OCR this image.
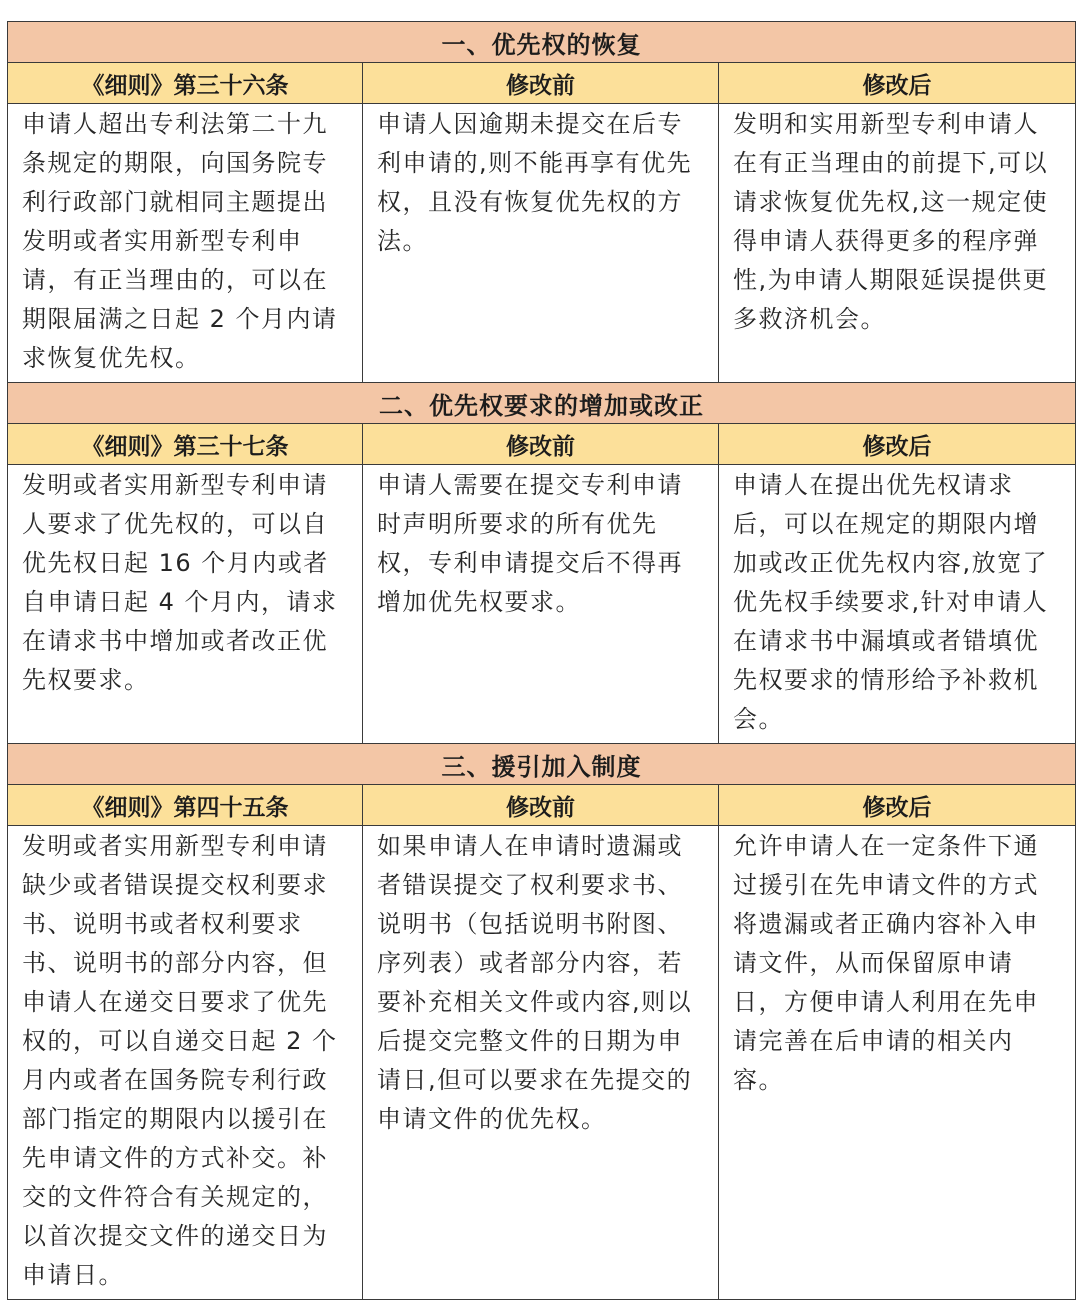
一、优先权的恢复		
《细则》第三十六条	修改前	修改后
申请人超出专利法第二十九条规定的期限，向国务院专利行政部门就相同主题提出发明或者实用新型专利申请，有正当理由的，可以在期限届满之日起 2 个月内请求恢复优先权。	申请人因逾期未提交在后专利申请的,则不能再享有优先权，且没有恢复优先权的方法。	发明和实用新型专利申请人在有正当理由的前提下,可以请求恢复优先权,这一规定使得申请人获得更多的程序弹性,为申请人期限延误提供更多救济机会。
二、优先权要求的增加或改正		
《细则》第三十七条	修改前	修改后
发明或者实用新型专利申请人要求了优先权的，可以自优先权日起 16 个月内或者自申请日起 4 个月内，请求在请求书中增加或者改正优先权要求。	申请人需要在提交专利申请时声明所要求的所有优先权，专利申请提交后不得再增加优先权要求。	申请人在提出优先权请求后，可以在规定的期限内增加或改正优先权内容,放宽了优先权手续要求,针对申请人在请求书中漏填或者错填优先权要求的情形给予补救机会。
三、援引加入制度		
《细则》第四十五条	修改前	修改后
发明或者实用新型专利申请缺少或者错误提交权利要求书、说明书或者权利要求书、说明书的部分内容，但申请人在递交日要求了优先权的，可以自递交日起 2 个月内或者在国务院专利行政部门指定的期限内以援引在先申请文件的方式补交。补交的文件符合有关规定的，以首次提交文件的递交日为申请日。	如果申请人在申请时遗漏或者错误提交了权利要求书、说明书（包括说明书附图、序列表）或者部分内容，若要补充相关文件或内容,则以后提交完整文件的日期为申请日,但可以要求在先提交的申请文件的优先权。	允许申请人在一定条件下通过援引在先申请文件的方式将遗漏或者正确内容补入申请文件，从而保留原申请日，方便申请人利用在先申请完善在后申请的相关内容。
